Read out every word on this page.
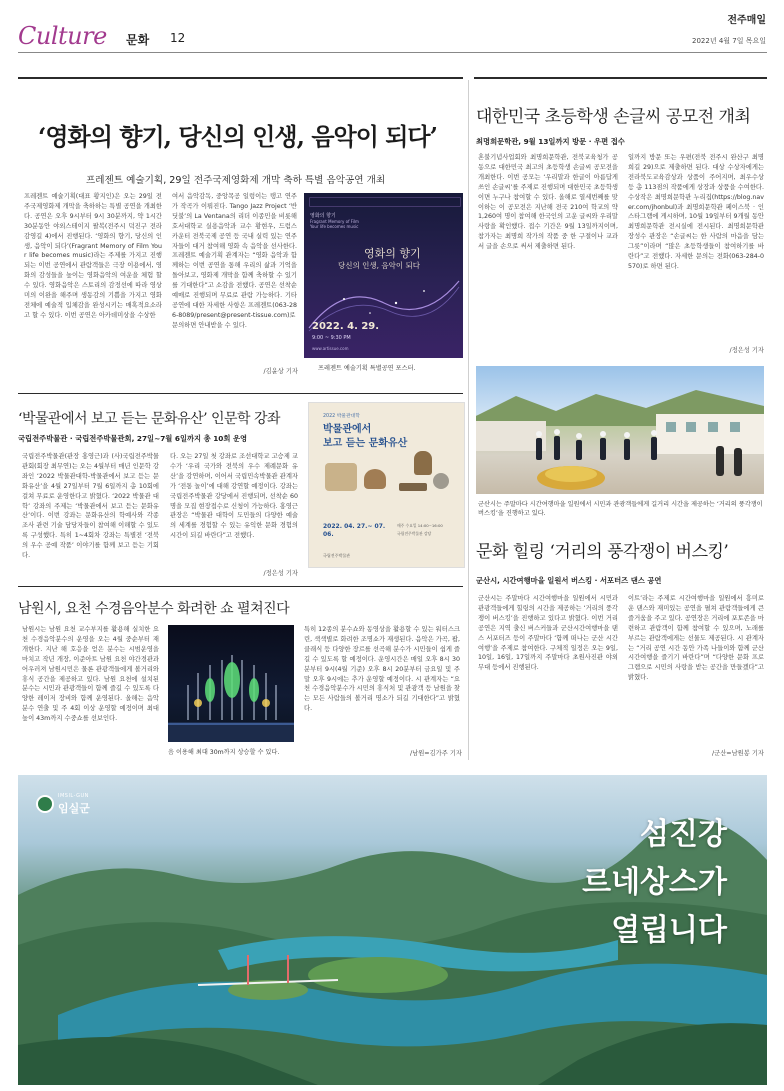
Culture 문화 12
전주매일
2022년 4월 7일 목요일
‘영화의 향기, 당신의 인생, 음악이 되다’
프레젠트 예술기획, 29일 전주국제영화제 개막 축하 특별 음악공연 개최
프레젠트 예술기획(대표 황지인)은 오는 29일 전주국제영화제 개막을 축하하는 특별 공연을 개최한다. 공연은 오후 9시부터 9시 30분까지, 약 1시간 30분동안 야외스테이지 팔복(전주시 덕진구 전라감영길 4)에서 진행된다. ‘영화의 향기, 당신의 인생, 음악이 되다’(Fragrant Memory of Film Your life becomes music)라는 주제를 가지고 진행되는 이번 공연에서 관람객들은 극장 이용에서, 영화의 감성들을 높이는 영화음악의 여운을 체험 할 수 있다. 영화음악은 스토리의 감정선에 따라 영상미의 이완을 해주며 생동감의 기쁨을 가지고 영화 전체에 예술적 입체감을 완성시키는 매혹적요소라고 할 수 있다. 이번 공연은 아카데미상을 수상한
여서 음악감독, 중앙목공 일렁이는 탱고 연주가 작곡가 이뤄진다. Tango Jazz Project ‘반딧불’의 La Ventana의 리더 이종민을 비롯해 호서대학교 실용음악과 교수 황현우, 드럼스 카운터 전북국제 공연 등 국내 실력 있는 연주자들이 대거 참여해 영화 속 음악을 선사한다. 프레젠트 예술기획 관계자는 “영화 음악과 함께하는 이번 공연을 통해 우리의 삶과 기억을 돌아보고, 영화제 개막을 함께 축하할 수 있기를 기대한다”고 소감을 전했다. 공연은 선착순 예매로 진행되며 무료로 관람 가능하다. 기타 공연에 대한 자세한 사항은 프레젠트(063-286-8089/present@present-tissue.com)로 문의하면 안내받을 수 있다.
영화의 향기
Fragrant Memory of Film
Your life becomes music
영화의 향기
당신의 인생, 음악이 되다
2022. 4. 29.
9:00 ~ 9:30 PM
www.artissue.com
프레젠트 예술기획 특별공연 포스터.
/김윤상 기자
‘박물관에서 보고 듣는 문화유산’ 인문학 강좌
국립전주박물관 · 국립전주박물관회, 27일~7월 6일까지 총 10회 운영
국립전주박물관(관장 홍영근)과 (사)국립전주박물관회(회장 최무연)는 오는 4월부터 매년 인문학 강좌인 ‘2022 박물관대학-박물관에서 보고 듣는 문화유산’을 4월 27일부터 7월 6일까지 총 10회에 걸쳐 무료로 운영한다고 밝혔다. ‘2022 박물관 대학’ 강좌의 주제는 ‘박물관에서 보고 듣는 문화유산’이다. 이번 강좌는 문화유산의 학예사와 각종 조사 관련 기술 담당자들이 참여해 이해할 수 있도록 구성했다. 특히 1~4회차 강좌는 특별전 ‘전북의 우수 공예 작품’ 이야기를 함께 보고 듣는 기회다.
다. 오는 27일 첫 강좌로 조선대학교 고승제 교수가 ‘우리 국가와 전북의 우수 제례문화 유산’을 강연하며, 이어서 국립민속박물관 관계자가 ‘전통 놀이’에 대해 강연할 예정이다. 강좌는 국립전주박물관 강당에서 진행되며, 선착순 60명을 모집 현장접수로 신청이 가능하다. 홍영근 관장은 “박물관 대학이 도민들의 다양한 예술의 세계를 경험할 수 있는 유익한 문화 경험의 시간이 되길 바란다”고 전했다.
2022 박물관대학
박물관에서
보고 듣는 문화유산
2022. 04. 27.~ 07. 06.
매주 수요일 14:00~16:00
국립전주박물관 강당
국립전주박물관
/정은성 기자
남원시, 요천 수경음악분수 화려한 쇼 펼쳐진다
남원시는 남원 요천 교수부지를 활용해 실치한 요천 수경음악분수의 운영을 오는 4월 중순부터 재개한다. 지난 해 호응을 얻은 분수는 시범운영을 마치고 작년 개장, 이준아트 남원 요천 야간경관과 어우러져 남원시민은 물론 관광객들에게 볼거리와 휴식 공간을 제공하고 있다. 남원 요천에 설치된 분수는 시민과 관광객들이 함께 즐길 수 있도록 다양한 레이저 장비와 함께 운영된다. 올해는 음악 분수 연출 및 주 4회 이상 운영할 예정이며 최대 높이 43m까지 수중쇼를 선보인다.
음 이용해 최대 30m까지 상승할 수 있다.
특히 12종의 분수쇼와 동영상을 활용할 수 있는 워터스크린, 색색별로 화려한 조명쇼가 재생된다. 음악은 가곡, 팝, 클래식 등 다양한 장르를 선곡해 분수가 시민들이 쉽게 즐길 수 있도록 할 예정이다. 운영시간은 매일 오후 8시 30분부터 9시(4월 기준) 오후 8시 20분부터 금요일 및 주말 오후 9시에는 추가 운영할 예정이다. 시 관계자는 “요천 수경음악분수가 시민의 휴식처 및 관광객 등 남원을 찾는 모든 사람들의 볼거리 명소가 되길 기대한다”고 밝혔다.
/남원=김가주 기자
대한민국 초등학생 손글씨 공모전 개최
최명희문학관, 9월 13일까지 방문 · 우편 접수
혼불기념사업회와 최명희문학관, 전북교육청가 공동으로 대한민국 최고의 초등학생 손글씨 공모전을 개최한다. 이번 공모는 ‘우리말과 한글이 아름답게 쓰인 손글씨’를 주제로 진행되며 대한민국 초등학생이면 누구나 참여할 수 있다. 올해로 열세번째를 맞이하는 이 공모전은 지난해 전국 210여 학교의 약 1,260여 명이 참여해 한국인의 고운 글씨와 우리말 사랑을 확인했다. 접수 기간은 9월 13일까지이며, 참가자는 최명희 작가의 작품 중 한 구절이나 교과서 글을 손으로 써서 제출하면 된다.
일까지 방문 또는 우편(전북 전주시 완산구 최명희길 29)으로 제출하면 된다. 대상 수상자에게는 전라북도교육감상과 상품이 주어지며, 최우수상 등 총 113점의 작품에게 상장과 상품을 수여한다. 수상작은 최명희문학관 누리집(https://blog.naver.com/jhonbul)과 최명희문학관 페이스북 · 인스타그램에 게시하며, 10월 19일부터 9개월 동안 최명희문학관 전시실에 전시된다. 최명희문학관 장성수 관장은 “손글씨는 한 사람의 마음을 담는 그릇”이라며 “많은 초등학생들이 참여하기를 바란다”고 전했다. 자세한 문의는 전화(063-284-0570)로 하면 된다.
/정은성 기자
군산시는 주말마다 시간여행마을 일원에서 시민과 관광객들에게 길거리 시간을 제공하는 ‘거리의 풍각쟁이 버스킹’을 진행하고 있다.
문화 힐링 ‘거리의 풍각쟁이 버스킹’
군산시, 시간여행마을 일원서 버스킹 · 서포터즈 댄스 공연
군산시는 주말마다 시간여행마을 일원에서 시민과 관광객들에게 힐링의 시간을 제공하는 ‘거리의 풍각쟁이 버스킹’을 진행하고 있다고 밝혔다. 이번 거리 공연은 지역 출신 버스커들과 군산시간여행마을 댄스 서포터즈 등이 주말마다 ‘함께 떠나는 군산 시간여행’을 주제로 참여한다. 구체적 일정은 오는 9일, 10일, 16일, 17일까지 주말마다 초원사진관 야외무대 등에서 진행된다.
이트’라는 주제로 시간여행마을 일원에서 흥미로운 댄스와 재미있는 공연을 펼쳐 관람객들에게 큰 즐거움을 주고 있다. 공연장은 거리에 포토존을 마련하고 관람객이 함께 참여할 수 있으며, 노래를 부르는 관람객에게는 선물도 제공된다. 시 관계자는 “거리 공연 시간 동안 가족 나들이와 함께 군산 시간여행을 즐기기 바란다”며 “다양한 문화 프로그램으로 시민의 사랑을 받는 공간을 만들겠다”고 밝혔다.
/군산=남원봉 기자
IMSIL-GUN
임실군
섬진강
르네상스가
열립니다
